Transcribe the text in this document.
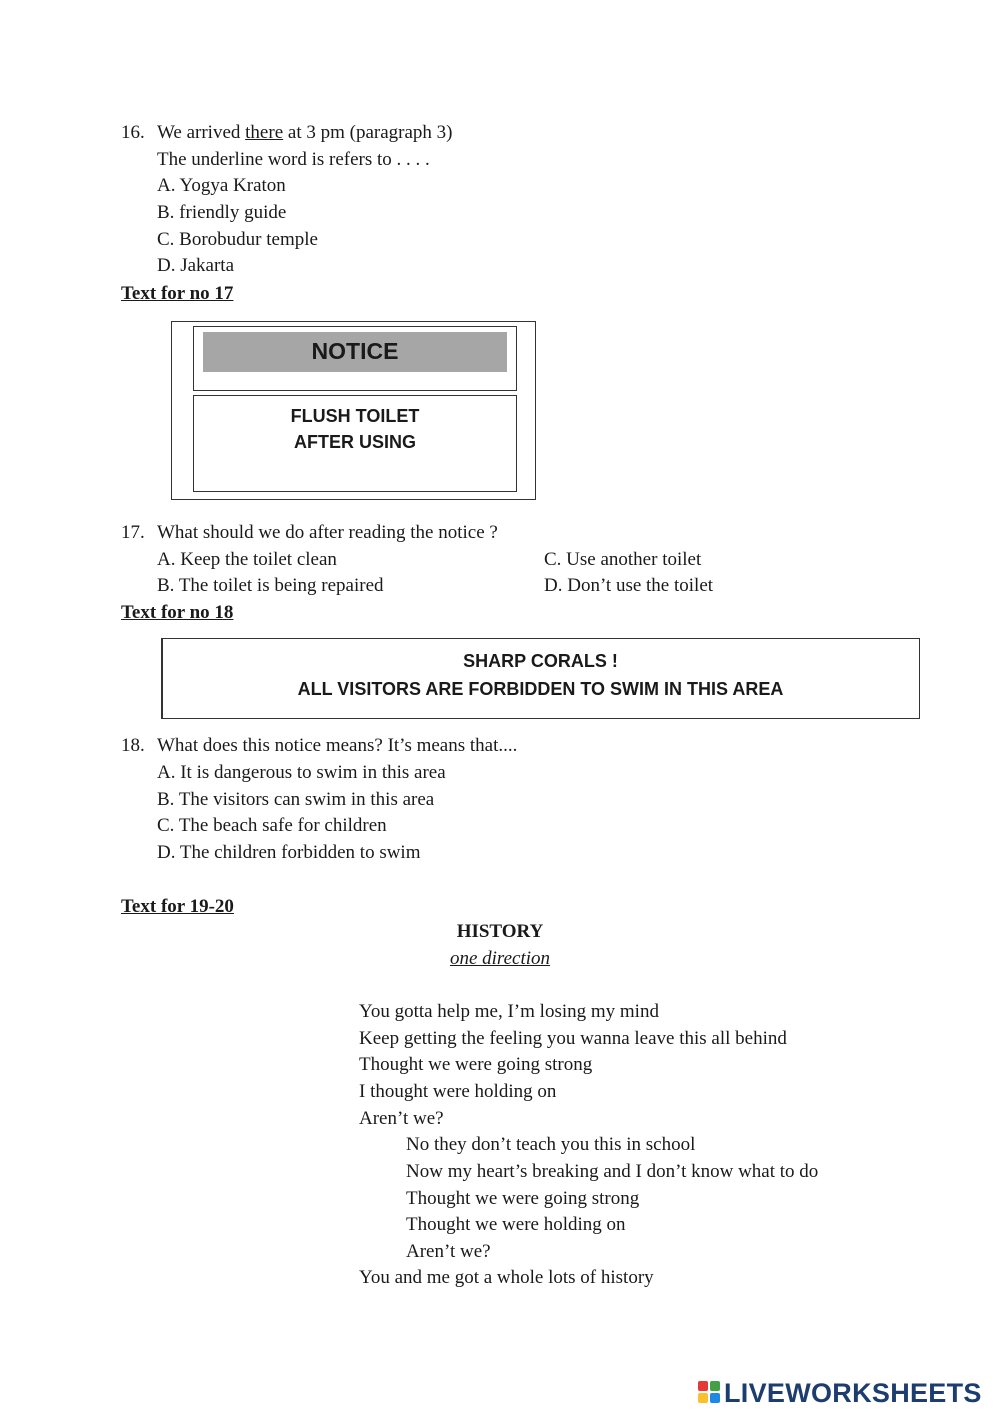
16. We arrived there at 3 pm (paragraph 3)
The underline word is refers to . . . .
A. Yogya Kraton
B. friendly guide
C. Borobudur temple
D. Jakarta
Text for no 17
NOTICE
FLUSH TOILET
AFTER USING
17. What should we do after reading the notice ?
A. Keep the toilet clean	C. Use another toilet
B. The toilet is being repaired	D. Don’t use the toilet
Text for no 18
SHARP CORALS !
ALL VISITORS ARE FORBIDDEN TO SWIM IN THIS AREA
18. What does this notice means? It’s means that....
A. It is dangerous to swim in this area
B. The visitors can swim in this area
C. The beach safe for children
D. The children forbidden to swim
Text for 19-20
HISTORY
one direction
You gotta help me, I’m losing my mind
Keep getting the feeling you wanna leave this all behind
Thought we were going strong
I thought were holding on
Aren’t we?
No they don’t teach you this in school
Now my heart’s breaking and I don’t know what to do
Thought we were going strong
Thought we were holding on
Aren’t we?
You and me got a whole lots of history
LIVEWORKSHEETS
